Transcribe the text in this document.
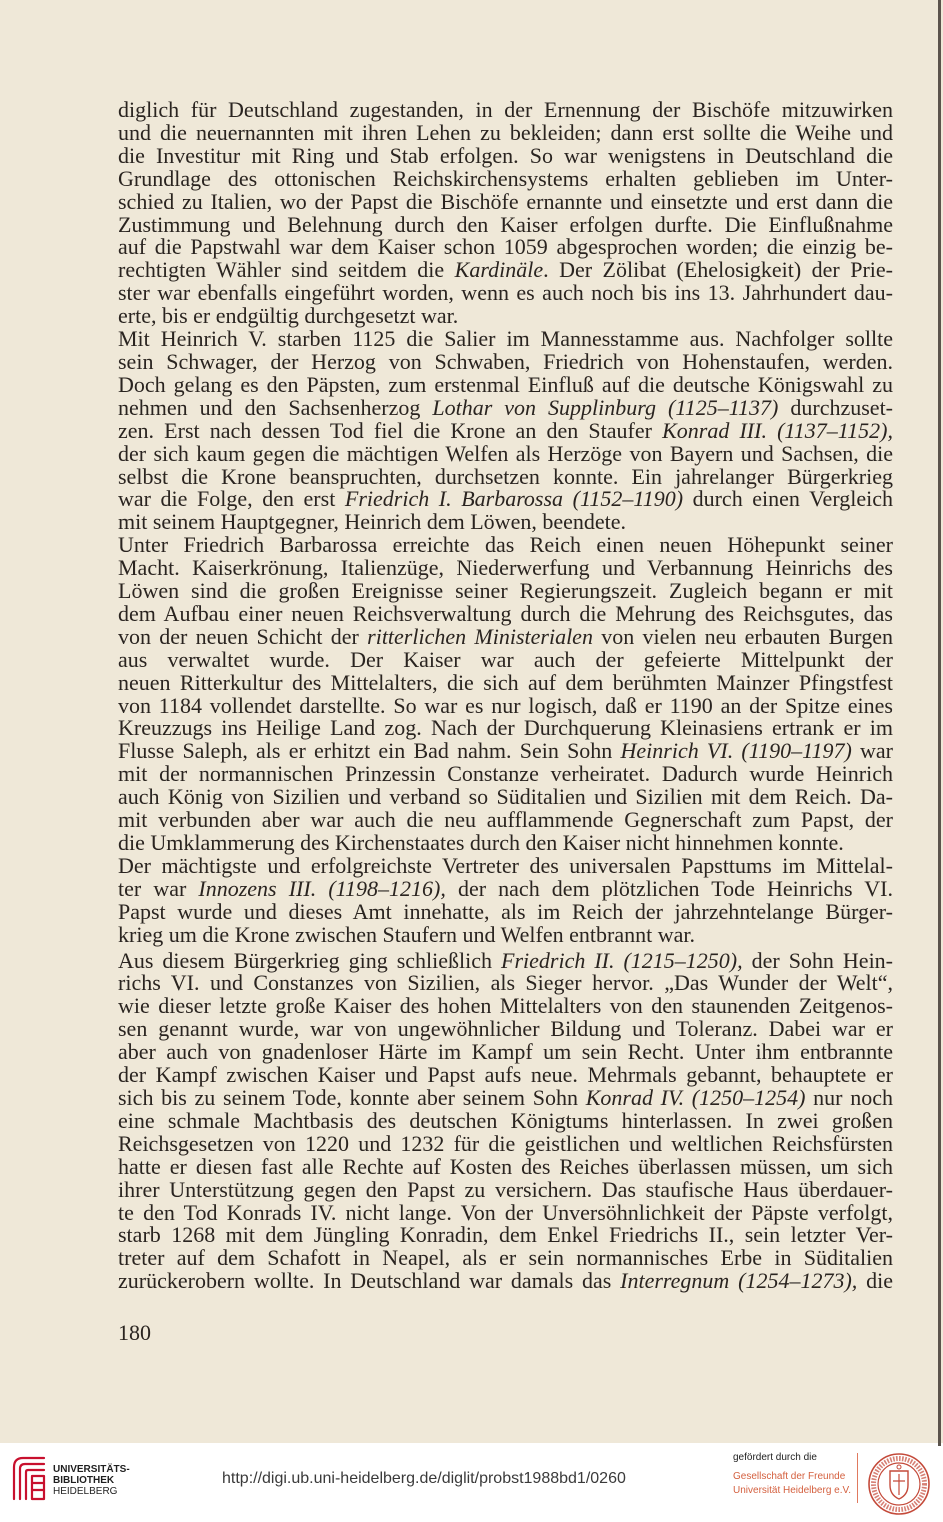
diglich für Deutschland zugestanden, in der Ernennung der Bischöfe mitzuwirken
und die neuernannten mit ihren Lehen zu bekleiden; dann erst sollte die Weihe und
die Investitur mit Ring und Stab erfolgen. So war wenigstens in Deutschland die
Grundlage des ottonischen Reichskirchensystems erhalten geblieben im Unter-
schied zu Italien, wo der Papst die Bischöfe ernannte und einsetzte und erst dann die
Zustimmung und Belehnung durch den Kaiser erfolgen durfte. Die Einflußnahme
auf die Papstwahl war dem Kaiser schon 1059 abgesprochen worden; die einzig be-
rechtigten Wähler sind seitdem die Kardinäle. Der Zölibat (Ehelosigkeit) der Prie-
ster war ebenfalls eingeführt worden, wenn es auch noch bis ins 13. Jahrhundert dau-
erte, bis er endgültig durchgesetzt war.
Mit Heinrich V. starben 1125 die Salier im Mannesstamme aus. Nachfolger sollte
sein Schwager, der Herzog von Schwaben, Friedrich von Hohenstaufen, werden.
Doch gelang es den Päpsten, zum erstenmal Einfluß auf die deutsche Königswahl zu
nehmen und den Sachsenherzog Lothar von Supplinburg (1125–1137) durchzuset-
zen. Erst nach dessen Tod fiel die Krone an den Staufer Konrad III. (1137–1152),
der sich kaum gegen die mächtigen Welfen als Herzöge von Bayern und Sachsen, die
selbst die Krone beanspruchten, durchsetzen konnte. Ein jahrelanger Bürgerkrieg
war die Folge, den erst Friedrich I. Barbarossa (1152–1190) durch einen Vergleich
mit seinem Hauptgegner, Heinrich dem Löwen, beendete.
Unter Friedrich Barbarossa erreichte das Reich einen neuen Höhepunkt seiner
Macht. Kaiserkrönung, Italienzüge, Niederwerfung und Verbannung Heinrichs des
Löwen sind die großen Ereignisse seiner Regierungszeit. Zugleich begann er mit
dem Aufbau einer neuen Reichsverwaltung durch die Mehrung des Reichsgutes, das
von der neuen Schicht der ritterlichen Ministerialen von vielen neu erbauten Burgen
aus verwaltet wurde. Der Kaiser war auch der gefeierte Mittelpunkt der
neuen Ritterkultur des Mittelalters, die sich auf dem berühmten Mainzer Pfingstfest
von 1184 vollendet darstellte. So war es nur logisch, daß er 1190 an der Spitze eines
Kreuzzugs ins Heilige Land zog. Nach der Durchquerung Kleinasiens ertrank er im
Flusse Saleph, als er erhitzt ein Bad nahm. Sein Sohn Heinrich VI. (1190–1197) war
mit der normannischen Prinzessin Constanze verheiratet. Dadurch wurde Heinrich
auch König von Sizilien und verband so Süditalien und Sizilien mit dem Reich. Da-
mit verbunden aber war auch die neu aufflammende Gegnerschaft zum Papst, der
die Umklammerung des Kirchenstaates durch den Kaiser nicht hinnehmen konnte.
Der mächtigste und erfolgreichste Vertreter des universalen Papsttums im Mittelal-
ter war Innozens III. (1198–1216), der nach dem plötzlichen Tode Heinrichs VI.
Papst wurde und dieses Amt innehatte, als im Reich der jahrzehntelange Bürger-
krieg um die Krone zwischen Staufern und Welfen entbrannt war.
Aus diesem Bürgerkrieg ging schließlich Friedrich II. (1215–1250), der Sohn Hein-
richs VI. und Constanzes von Sizilien, als Sieger hervor. „Das Wunder der Welt“,
wie dieser letzte große Kaiser des hohen Mittelalters von den staunenden Zeitgenos-
sen genannt wurde, war von ungewöhnlicher Bildung und Toleranz. Dabei war er
aber auch von gnadenloser Härte im Kampf um sein Recht. Unter ihm entbrannte
der Kampf zwischen Kaiser und Papst aufs neue. Mehrmals gebannt, behauptete er
sich bis zu seinem Tode, konnte aber seinem Sohn Konrad IV. (1250–1254) nur noch
eine schmale Machtbasis des deutschen Königtums hinterlassen. In zwei großen
Reichsgesetzen von 1220 und 1232 für die geistlichen und weltlichen Reichsfürsten
hatte er diesen fast alle Rechte auf Kosten des Reiches überlassen müssen, um sich
ihrer Unterstützung gegen den Papst zu versichern. Das staufische Haus überdauer-
te den Tod Konrads IV. nicht lange. Von der Unversöhnlichkeit der Päpste verfolgt,
starb 1268 mit dem Jüngling Konradin, dem Enkel Friedrichs II., sein letzter Ver-
treter auf dem Schafott in Neapel, als er sein normannisches Erbe in Süditalien
zurückerobern wollte. In Deutschland war damals das Interregnum (1254–1273), die
180
UNIVERSITÄTS-
BIBLIOTHEK
HEIDELBERG
http://digi.ub.uni-heidelberg.de/diglit/probst1988bd1/0260
gefördert durch die
Gesellschaft der Freunde
Universität Heidelberg e.V.
